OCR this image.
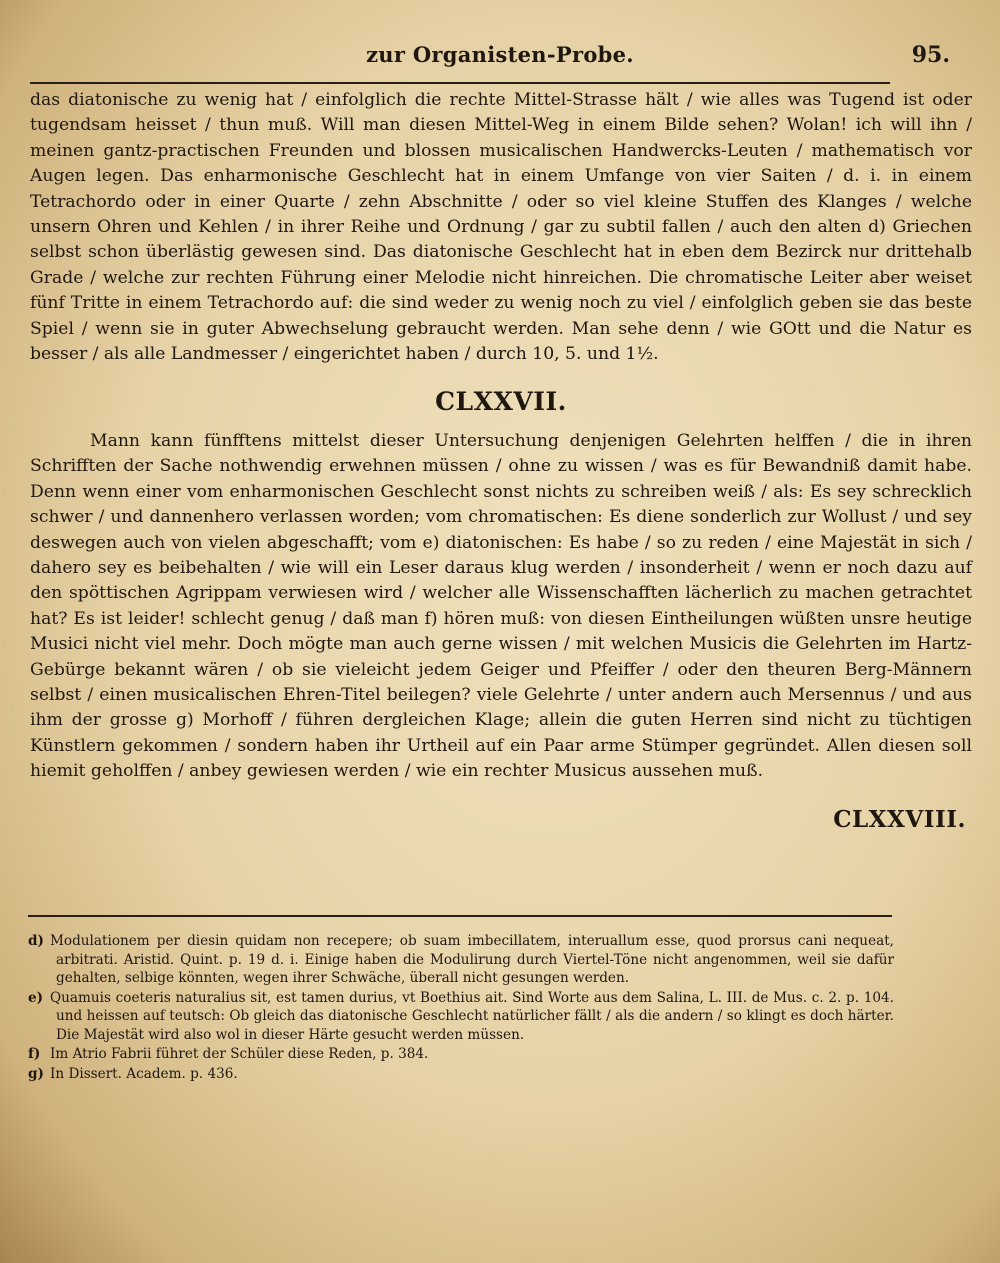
zur Organisten-Probe.	95.

das diatonische zu wenig hat / einfolglich die rechte Mittel-Strasse hält / wie alles was Tugend ist oder tugendsam heisset / thun muß. Will man diesen Mittel-Weg in einem Bilde sehen? Wolan! ich will ihn / meinen gantz-practischen Freunden und blossen musicalischen Handwercks-Leuten / mathematisch vor Augen legen. Das enharmonische Geschlecht hat in einem Umfange von vier Saiten / d. i. in einem Tetrachordo oder in einer Quarte / zehn Abschnitte / oder so viel kleine Stuffen des Klanges / welche unsern Ohren und Kehlen / in ihrer Reihe und Ordnung / gar zu subtil fallen / auch den alten d) Griechen selbst schon überlästig gewesen sind. Das diatonische Geschlecht hat in eben dem Bezirck nur drittehalb Grade / welche zur rechten Führung einer Melodie nicht hinreichen. Die chromatische Leiter aber weiset fünf Tritte in einem Tetrachordo auf: die sind weder zu wenig noch zu viel / einfolglich geben sie das beste Spiel / wenn sie in guter Abwechselung gebraucht werden. Man sehe denn / wie GOtt und die Natur es besser / als alle Landmesser / eingerichtet haben / durch 10, 5. und 1½.

CLXXVII.

Mann kann fünfftens mittelst dieser Untersuchung denjenigen Gelehrten helffen / die in ihren Schrifften der Sache nothwendig erwehnen müssen / ohne zu wissen / was es für Bewandniß damit habe. Denn wenn einer vom enharmonischen Geschlecht sonst nichts zu schreiben weiß / als: Es sey schrecklich schwer / und dannenhero verlassen worden; vom chromatischen: Es diene sonderlich zur Wollust / und sey deswegen auch von vielen abgeschafft; vom e) diatonischen: Es habe / so zu reden / eine Majestät in sich / dahero sey es beibehalten / wie will ein Leser daraus klug werden / insonderheit / wenn er noch dazu auf den spöttischen Agrippam verwiesen wird / welcher alle Wissenschafften lächerlich zu machen getrachtet hat? Es ist leider! schlecht genug / daß man f) hören muß: von diesen Eintheilungen wüßten unsre heutige Musici nicht viel mehr. Doch mögte man auch gerne wissen / mit welchen Musicis die Gelehrten im Hartz-Gebürge bekannt wären / ob sie vieleicht jedem Geiger und Pfeiffer / oder den theuren Berg-Männern selbst / einen musicalischen Ehren-Titel beilegen? viele Gelehrte / unter andern auch Mersennus / und aus ihm der grosse g) Morhoff / führen dergleichen Klage; allein die guten Herren sind nicht zu tüchtigen Künstlern gekommen / sondern haben ihr Urtheil auf ein Paar arme Stümper gegründet. Allen diesen soll hiemit geholffen / anbey gewiesen werden / wie ein rechter Musicus aussehen muß.

CLXXVIII.

d) Modulationem per diesin quidam non recepere; ob suam imbecillatem, interuallum esse, quod prorsus cani nequeat, arbitrati. Aristid. Quint. p. 19 d. i. Einige haben die Modulirung durch Viertel-Töne nicht angenommen, weil sie dafür gehalten, selbige könnten, wegen ihrer Schwäche, überall nicht gesungen werden.

e) Quamuis coeteris naturalius sit, est tamen durius, vt Boethius ait. Sind Worte aus dem Salina, L. III. de Mus. c. 2. p. 104. und heissen auf teutsch: Ob gleich das diatonische Geschlecht natürlicher fällt / als die andern / so klingt es doch härter. Die Majestät wird also wol in dieser Härte gesucht werden müssen.

f) Im Atrio Fabrii führet der Schüler diese Reden, p. 384.

g) In Dissert. Academ. p. 436.
